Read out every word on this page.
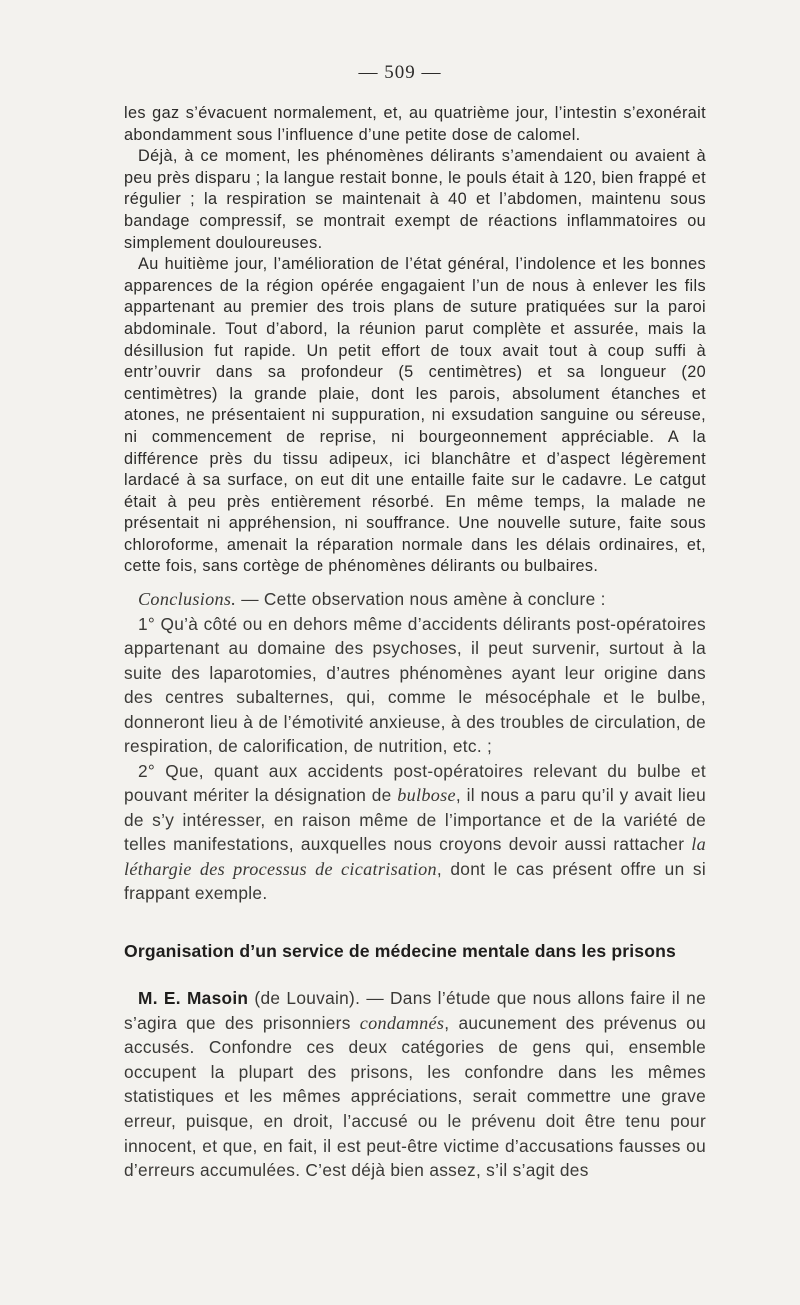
— 509 —

les gaz s’évacuent normalement, et, au quatrième jour, l’intestin s’exonérait abondamment sous l’influence d’une petite dose de calomel.

Déjà, à ce moment, les phénomènes délirants s’amendaient ou avaient à peu près disparu ; la langue restait bonne, le pouls était à 120, bien frappé et régulier ; la respiration se maintenait à 40 et l’abdomen, maintenu sous bandage compressif, se montrait exempt de réactions inflammatoires ou simplement douloureuses.

Au huitième jour, l’amélioration de l’état général, l’indolence et les bonnes apparences de la région opérée engagaient l’un de nous à enlever les fils appartenant au premier des trois plans de suture pratiquées sur la paroi abdominale. Tout d’abord, la réunion parut complète et assurée, mais la désillusion fut rapide. Un petit effort de toux avait tout à coup suffi à entr’ouvrir dans sa profondeur (5 centimètres) et sa longueur (20 centimètres) la grande plaie, dont les parois, absolument étanches et atones, ne présentaient ni suppuration, ni exsudation sanguine ou séreuse, ni commencement de reprise, ni bourgeonnement appréciable. A la différence près du tissu adipeux, ici blanchâtre et d’aspect légèrement lardacé à sa surface, on eut dit une entaille faite sur le cadavre. Le catgut était à peu près entièrement résorbé. En même temps, la malade ne présentait ni appréhension, ni souffrance. Une nouvelle suture, faite sous chloroforme, amenait la réparation normale dans les délais ordinaires, et, cette fois, sans cortège de phénomènes délirants ou bulbaires.

Conclusions. — Cette observation nous amène à conclure :

1° Qu’à côté ou en dehors même d’accidents délirants post-opératoires appartenant au domaine des psychoses, il peut survenir, surtout à la suite des laparotomies, d’autres phénomènes ayant leur origine dans des centres subalternes, qui, comme le mésocéphale et le bulbe, donneront lieu à de l’émotivité anxieuse, à des troubles de circulation, de respiration, de calorification, de nutrition, etc. ;

2° Que, quant aux accidents post-opératoires relevant du bulbe et pouvant mériter la désignation de bulbose, il nous a paru qu’il y avait lieu de s’y intéresser, en raison même de l’importance et de la variété de telles manifestations, auxquelles nous croyons devoir aussi rattacher la léthargie des processus de cicatrisation, dont le cas présent offre un si frappant exemple.

Organisation d’un service de médecine mentale dans les prisons

M. E. Masoin (de Louvain). — Dans l’étude que nous allons faire il ne s’agira que des prisonniers condamnés, aucunement des prévenus ou accusés. Confondre ces deux catégories de gens qui, ensemble occupent la plupart des prisons, les confondre dans les mêmes statistiques et les mêmes appréciations, serait commettre une grave erreur, puisque, en droit, l’accusé ou le prévenu doit être tenu pour innocent, et que, en fait, il est peut-être victime d’accusations fausses ou d’erreurs accumulées. C’est déjà bien assez, s’il s’agit des
